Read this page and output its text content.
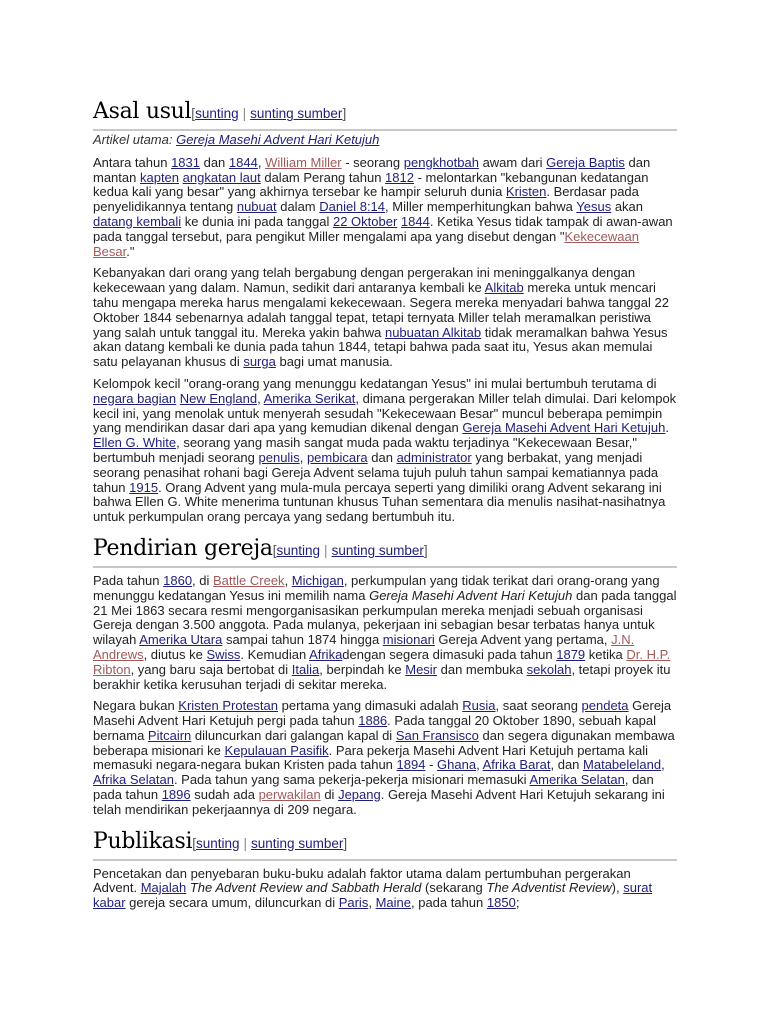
Asal usul[sunting | sunting sumber]
Artikel utama: Gereja Masehi Advent Hari Ketujuh

Antara tahun 1831 dan 1844, William Miller - seorang pengkhotbah awam dari Gereja Baptis dan mantan kapten angkatan laut dalam Perang tahun 1812 - melontarkan "kebangunan kedatangan kedua kali yang besar" yang akhirnya tersebar ke hampir seluruh dunia Kristen. Berdasar pada penyelidikannya tentang nubuat dalam Daniel 8:14, Miller memperhitungkan bahwa Yesus akan datang kembali ke dunia ini pada tanggal 22 Oktober 1844. Ketika Yesus tidak tampak di awan-awan pada tanggal tersebut, para pengikut Miller mengalami apa yang disebut dengan "Kekecewaan Besar."

Kebanyakan dari orang yang telah bergabung dengan pergerakan ini meninggalkanya dengan kekecewaan yang dalam. Namun, sedikit dari antaranya kembali ke Alkitab mereka untuk mencari tahu mengapa mereka harus mengalami kekecewaan. Segera mereka menyadari bahwa tanggal 22 Oktober 1844 sebenarnya adalah tanggal tepat, tetapi ternyata Miller telah meramalkan peristiwa yang salah untuk tanggal itu. Mereka yakin bahwa nubuatan Alkitab tidak meramalkan bahwa Yesus akan datang kembali ke dunia pada tahun 1844, tetapi bahwa pada saat itu, Yesus akan memulai satu pelayanan khusus di surga bagi umat manusia.

Kelompok kecil "orang-orang yang menunggu kedatangan Yesus" ini mulai bertumbuh terutama di negara bagian New England, Amerika Serikat, dimana pergerakan Miller telah dimulai. Dari kelompok kecil ini, yang menolak untuk menyerah sesudah "Kekecewaan Besar" muncul beberapa pemimpin yang mendirikan dasar dari apa yang kemudian dikenal dengan Gereja Masehi Advent Hari Ketujuh. Ellen G. White, seorang yang masih sangat muda pada waktu terjadinya "Kekecewaan Besar," bertumbuh menjadi seorang penulis, pembicara dan administrator yang berbakat, yang menjadi seorang penasihat rohani bagi Gereja Advent selama tujuh puluh tahun sampai kematiannya pada tahun 1915. Orang Advent yang mula-mula percaya seperti yang dimiliki orang Advent sekarang ini bahwa Ellen G. White menerima tuntunan khusus Tuhan sementara dia menulis nasihat-nasihatnya untuk perkumpulan orang percaya yang sedang bertumbuh itu.

Pendirian gereja[sunting | sunting sumber]

Pada tahun 1860, di Battle Creek, Michigan, perkumpulan yang tidak terikat dari orang-orang yang menunggu kedatangan Yesus ini memilih nama Gereja Masehi Advent Hari Ketujuh dan pada tanggal 21 Mei 1863 secara resmi mengorganisasikan perkumpulan mereka menjadi sebuah organisasi Gereja dengan 3.500 anggota. Pada mulanya, pekerjaan ini sebagian besar terbatas hanya untuk wilayah Amerika Utara sampai tahun 1874 hingga misionari Gereja Advent yang pertama, J.N. Andrews, diutus ke Swiss. Kemudian Afrikadengan segera dimasuki pada tahun 1879 ketika Dr. H.P. Ribton, yang baru saja bertobat di Italia, berpindah ke Mesir dan membuka sekolah, tetapi proyek itu berakhir ketika kerusuhan terjadi di sekitar mereka.

Negara bukan Kristen Protestan pertama yang dimasuki adalah Rusia, saat seorang pendeta Gereja Masehi Advent Hari Ketujuh pergi pada tahun 1886. Pada tanggal 20 Oktober 1890, sebuah kapal bernama Pitcairn diluncurkan dari galangan kapal di San Fransisco dan segera digunakan membawa beberapa misionari ke Kepulauan Pasifik. Para pekerja Masehi Advent Hari Ketujuh pertama kali memasuki negara-negara bukan Kristen pada tahun 1894 - Ghana, Afrika Barat, dan Matabeleland, Afrika Selatan. Pada tahun yang sama pekerja-pekerja misionari memasuki Amerika Selatan, dan pada tahun 1896 sudah ada perwakilan di Jepang. Gereja Masehi Advent Hari Ketujuh sekarang ini telah mendirikan pekerjaannya di 209 negara.

Publikasi[sunting | sunting sumber]

Pencetakan dan penyebaran buku-buku adalah faktor utama dalam pertumbuhan pergerakan Advent. Majalah The Advent Review and Sabbath Herald (sekarang The Adventist Review), surat kabar gereja secara umum, diluncurkan di Paris, Maine, pada tahun 1850;
